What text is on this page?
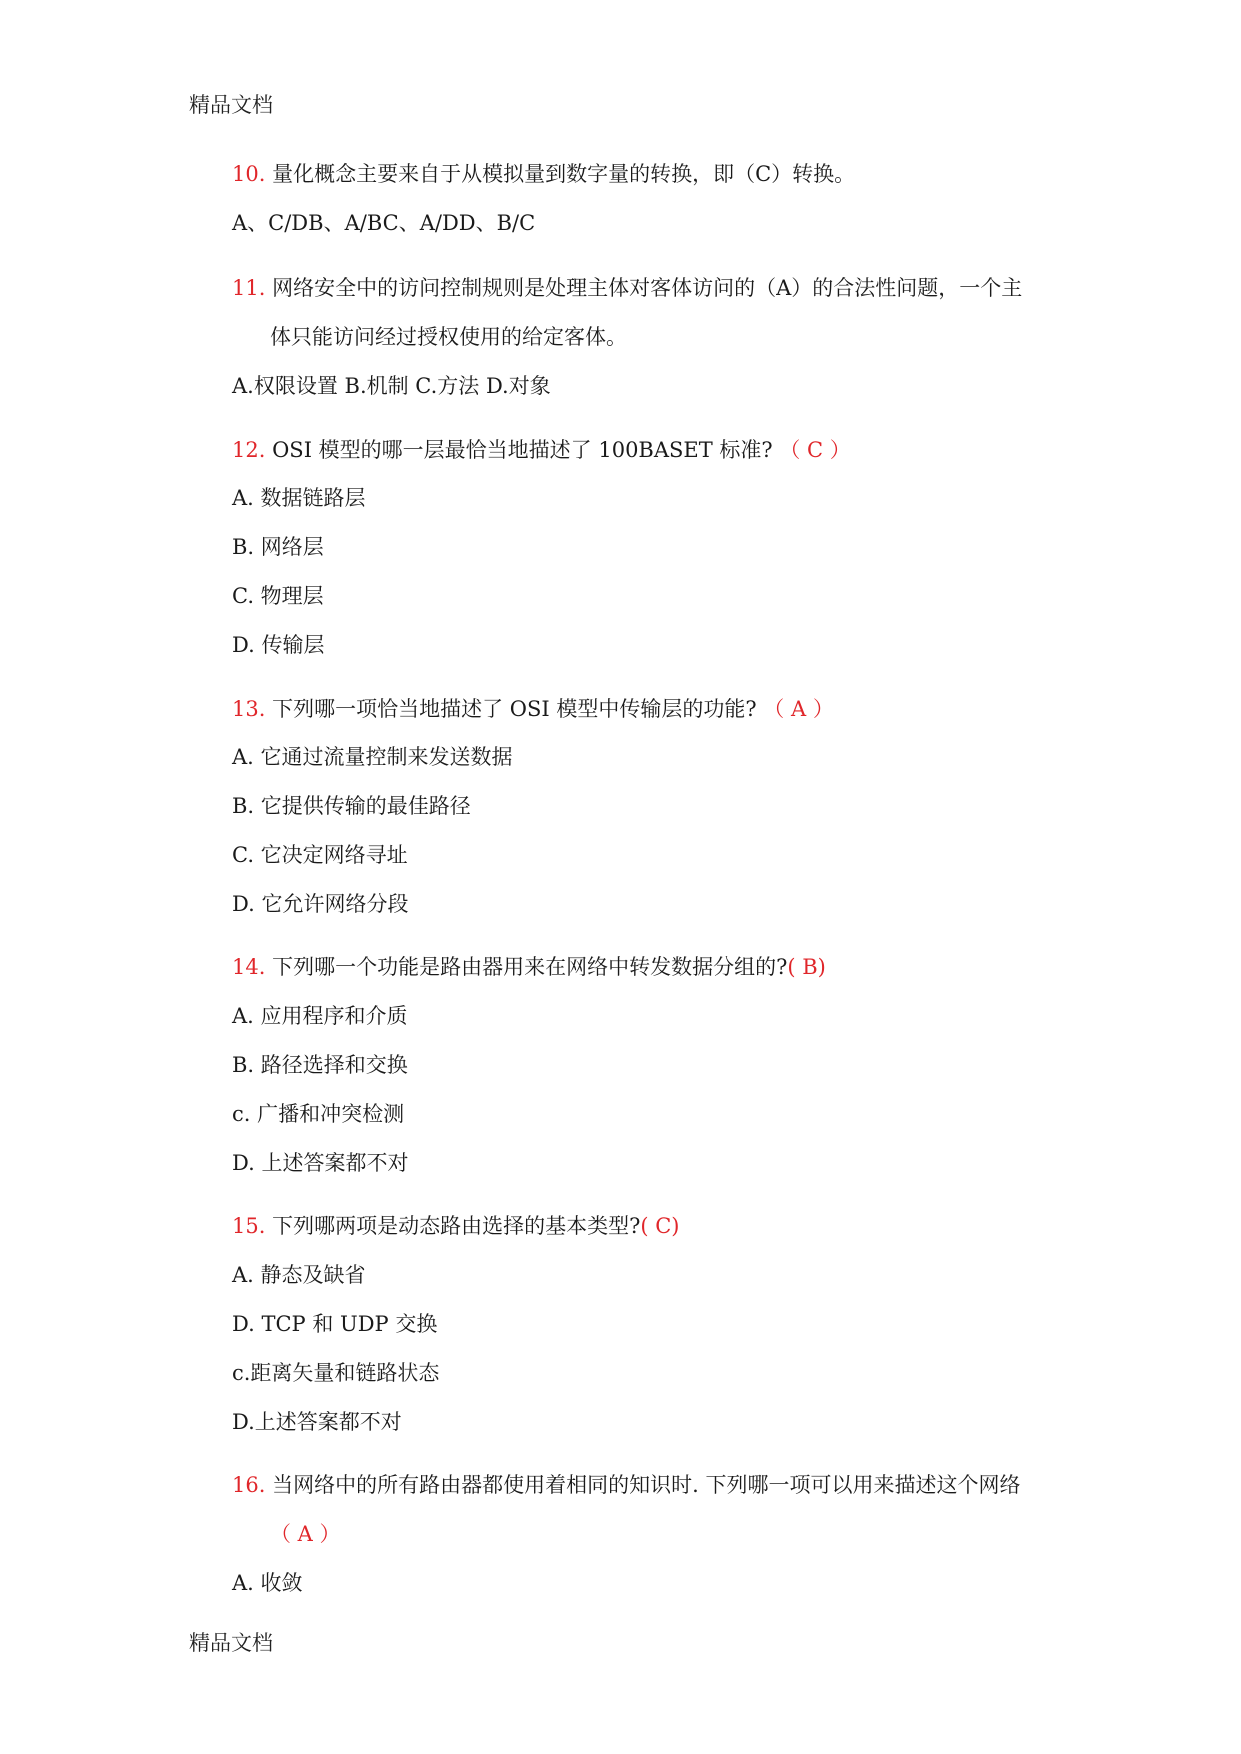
精品文档
10. 量化概念主要来自于从模拟量到数字量的转换，即（C）转换。
A、C/DB、A/BC、A/DD、B/C
11. 网络安全中的访问控制规则是处理主体对客体访问的（A）的合法性问题，一个主
体只能访问经过授权使用的给定客体。
A.权限设置 B.机制 C.方法 D.对象
12. OSI 模型的哪一层最恰当地描述了 100BASET 标准? （ C ）
A. 数据链路层
B. 网络层
C. 物理层
D. 传输层
13. 下列哪一项恰当地描述了 OSI 模型中传输层的功能? （ A ）
A. 它通过流量控制来发送数据
B. 它提供传输的最佳路径
C. 它决定网络寻址
D. 它允许网络分段
14. 下列哪一个功能是路由器用来在网络中转发数据分组的?( B)
A. 应用程序和介质
B. 路径选择和交换
c. 广播和冲突检测
D. 上述答案都不对
15. 下列哪两项是动态路由选择的基本类型?( C)
A. 静态及缺省
D. TCP 和 UDP 交换
c.距离矢量和链路状态
D.上述答案都不对
16. 当网络中的所有路由器都使用着相同的知识时. 下列哪一项可以用来描述这个网络
（ A ）
A. 收敛
精品文档
